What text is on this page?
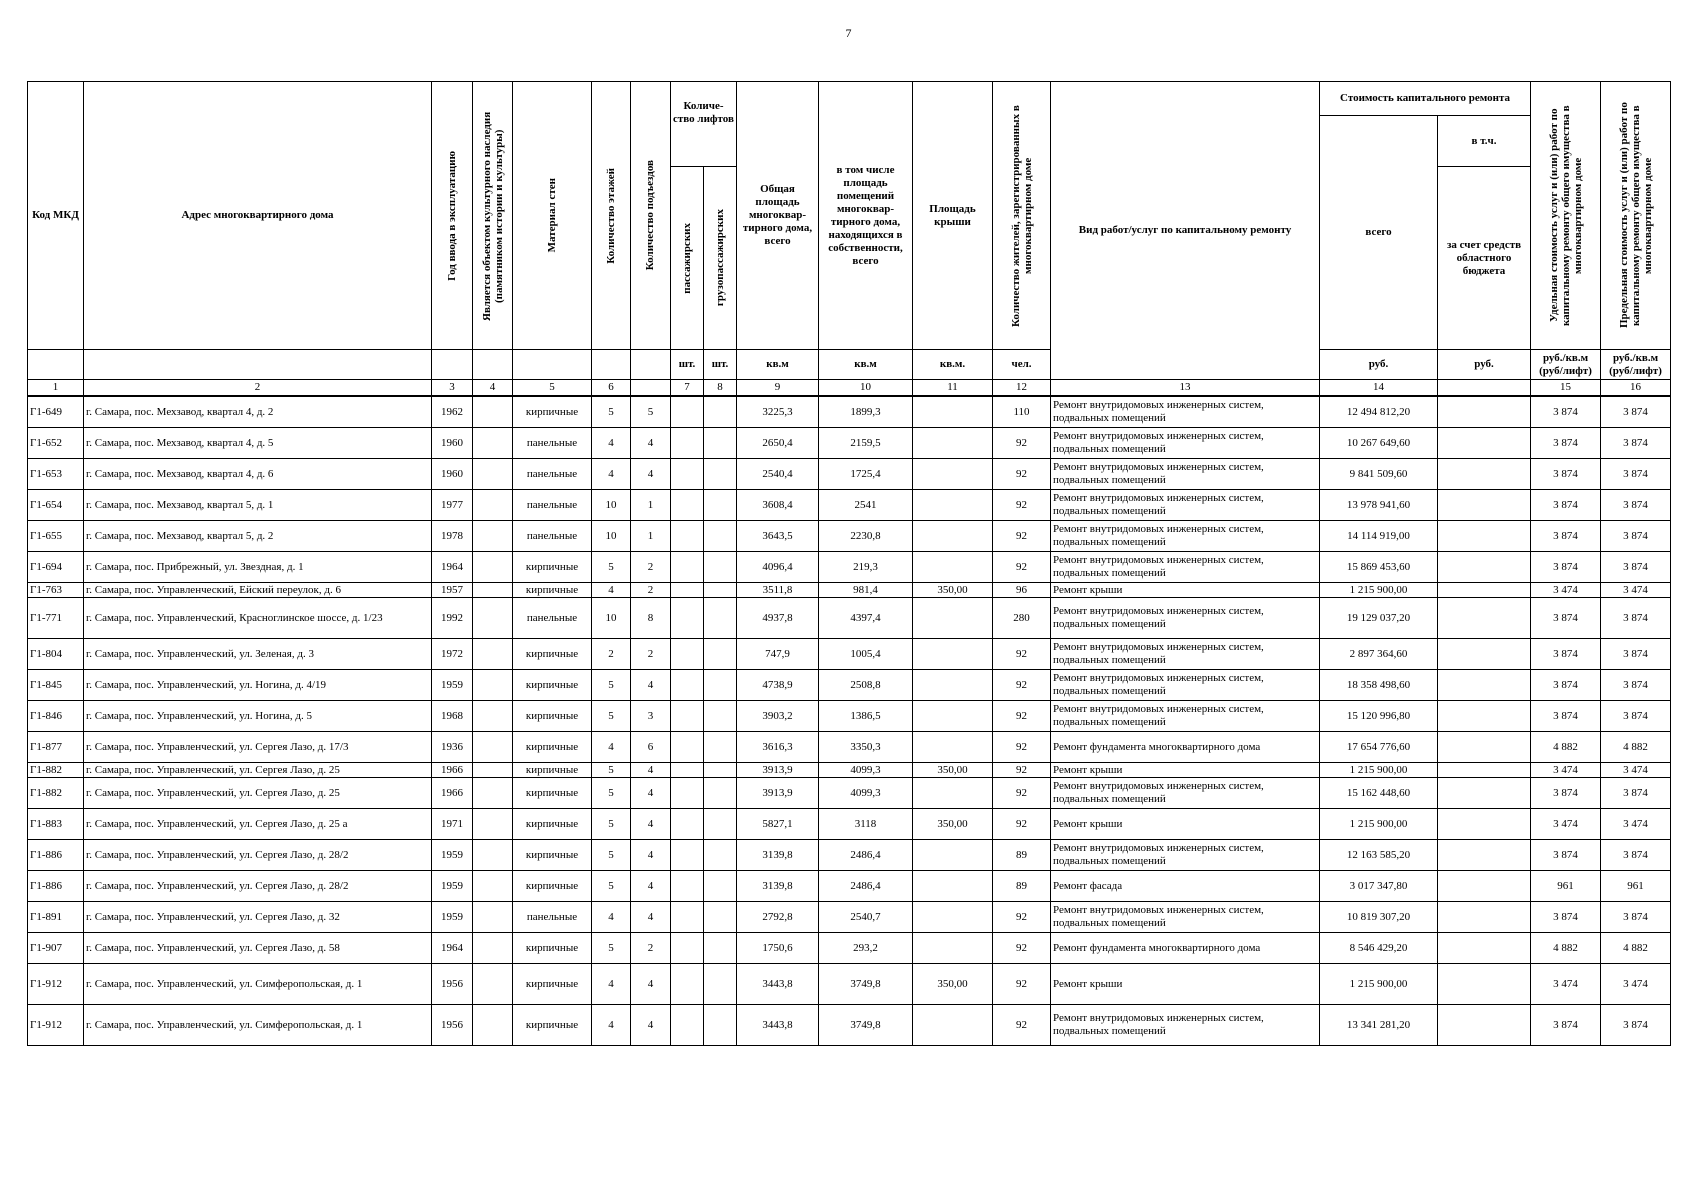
7
Код МКД	Адрес многоквартирного дома	Год ввода в эксплуатацию	Является объектом культурного наследия (памятником истории и культуры)	Материал стен	Количество этажей	Количество подъездов	Количе-ство лифтов		Общая площадь многоквар-тирного дома, всего	в том числе площадь помещений многоквар-тирного дома, находящихся в собственности, всего	Площадь крыши	Количество жителей, зарегистрированных в многоквартирном доме	Вид работ/услуг по капитальному ремонту	Стоимость капитального ремонта		Удельная стоимость услуг и (или) работ по капитальному ремонту общего имущества в многоквартирном доме	Предельная стоимость услуг и (или) работ по капитальному ремонту общего имущества в многоквартирном доме

														всего	в т.ч.		

							пассажирских	грузопассажирских							за счет средств областного бюджета		
							шт.	шт.	кв.м	кв.м	кв.м.	чел.		руб.	руб.	руб./кв.м (руб/лифт)	руб./кв.м (руб/лифт)
1	2	3	4	5	6		7	8	9	10	11	12	13	14		15	16
Г1-649	г. Самара, пос. Мехзавод, квартал 4, д. 2	1962		кирпичные	5	5			3225,3	1899,3		110	Ремонт внутридомовых инженерных систем, подвальных помещений	12 494 812,20		3 874	3 874
Г1-652	г. Самара, пос. Мехзавод, квартал 4, д. 5	1960		панельные	4	4			2650,4	2159,5		92	Ремонт внутридомовых инженерных систем, подвальных помещений	10 267 649,60		3 874	3 874
Г1-653	г. Самара, пос. Мехзавод, квартал 4, д. 6	1960		панельные	4	4			2540,4	1725,4		92	Ремонт внутридомовых инженерных систем, подвальных помещений	9 841 509,60		3 874	3 874
Г1-654	г. Самара, пос. Мехзавод, квартал 5, д. 1	1977		панельные	10	1			3608,4	2541		92	Ремонт внутридомовых инженерных систем, подвальных помещений	13 978 941,60		3 874	3 874
Г1-655	г. Самара, пос. Мехзавод, квартал 5, д. 2	1978		панельные	10	1			3643,5	2230,8		92	Ремонт внутридомовых инженерных систем, подвальных помещений	14 114 919,00		3 874	3 874
Г1-694	г. Самара, пос. Прибрежный, ул. Звездная, д. 1	1964		кирпичные	5	2			4096,4	219,3		92	Ремонт внутридомовых инженерных систем, подвальных помещений	15 869 453,60		3 874	3 874
Г1-763	г. Самара, пос. Управленческий, Ейский переулок, д. 6	1957		кирпичные	4	2			3511,8	981,4	350,00	96	Ремонт крыши	1 215 900,00		3 474	3 474
Г1-771	г. Самара, пос. Управленческий, Красноглинское шоссе, д. 1/23	1992		панельные	10	8			4937,8	4397,4		280	Ремонт внутридомовых инженерных систем, подвальных помещений	19 129 037,20		3 874	3 874
Г1-804	г. Самара, пос. Управленческий, ул. Зеленая, д. 3	1972		кирпичные	2	2			747,9	1005,4		92	Ремонт внутридомовых инженерных систем, подвальных помещений	2 897 364,60		3 874	3 874
Г1-845	г. Самара, пос. Управленческий, ул. Ногина, д. 4/19	1959		кирпичные	5	4			4738,9	2508,8		92	Ремонт внутридомовых инженерных систем, подвальных помещений	18 358 498,60		3 874	3 874
Г1-846	г. Самара, пос. Управленческий, ул. Ногина, д. 5	1968		кирпичные	5	3			3903,2	1386,5		92	Ремонт внутридомовых инженерных систем, подвальных помещений	15 120 996,80		3 874	3 874
Г1-877	г. Самара, пос. Управленческий, ул. Сергея Лазо, д. 17/3	1936		кирпичные	4	6			3616,3	3350,3		92	Ремонт фундамента многоквартирного дома	17 654 776,60		4 882	4 882
Г1-882	г. Самара, пос. Управленческий, ул. Сергея Лазо, д. 25	1966		кирпичные	5	4			3913,9	4099,3	350,00	92	Ремонт крыши	1 215 900,00		3 474	3 474
Г1-882	г. Самара, пос. Управленческий, ул. Сергея Лазо, д. 25	1966		кирпичные	5	4			3913,9	4099,3		92	Ремонт внутридомовых инженерных систем, подвальных помещений	15 162 448,60		3 874	3 874
Г1-883	г. Самара, пос. Управленческий, ул. Сергея Лазо, д. 25 а	1971		кирпичные	5	4			5827,1	3118	350,00	92	Ремонт крыши	1 215 900,00		3 474	3 474
Г1-886	г. Самара, пос. Управленческий, ул. Сергея Лазо, д. 28/2	1959		кирпичные	5	4			3139,8	2486,4		89	Ремонт внутридомовых инженерных систем, подвальных помещений	12 163 585,20		3 874	3 874
Г1-886	г. Самара, пос. Управленческий, ул. Сергея Лазо, д. 28/2	1959		кирпичные	5	4			3139,8	2486,4		89	Ремонт фасада	3 017 347,80		961	961
Г1-891	г. Самара, пос. Управленческий, ул. Сергея Лазо, д. 32	1959		панельные	4	4			2792,8	2540,7		92	Ремонт внутридомовых инженерных систем, подвальных помещений	10 819 307,20		3 874	3 874
Г1-907	г. Самара, пос. Управленческий, ул. Сергея Лазо, д. 58	1964		кирпичные	5	2			1750,6	293,2		92	Ремонт фундамента многоквартирного дома	8 546 429,20		4 882	4 882
Г1-912	г. Самара, пос. Управленческий, ул. Симферопольская, д. 1	1956		кирпичные	4	4			3443,8	3749,8	350,00	92	Ремонт крыши	1 215 900,00		3 474	3 474
Г1-912	г. Самара, пос. Управленческий, ул. Симферопольская, д. 1	1956		кирпичные	4	4			3443,8	3749,8		92	Ремонт внутридомовых инженерных систем, подвальных помещений	13 341 281,20		3 874	3 874
